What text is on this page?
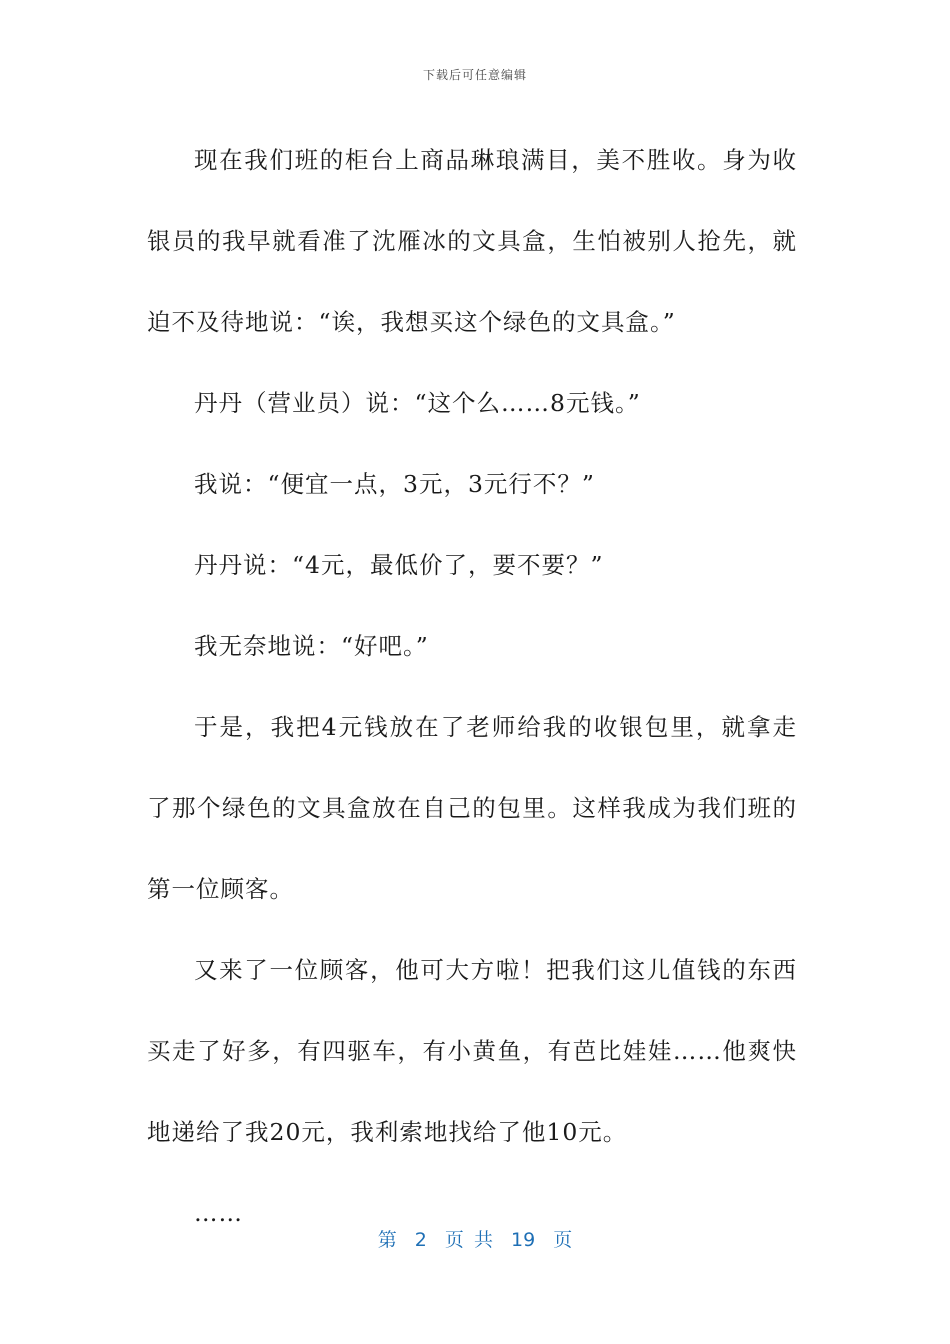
下载后可任意编辑

现在我们班的柜台上商品琳琅满目，美不胜收。身为收银员的我早就看准了沈雁冰的文具盒，生怕被别人抢先，就迫不及待地说：“诶，我想买这个绿色的文具盒。”

丹丹（营业员）说：“这个么……8元钱。”

我说：“便宜一点，3元，3元行不？”

丹丹说：“4元，最低价了，要不要？”

我无奈地说：“好吧。”

于是，我把4元钱放在了老师给我的收银包里，就拿走了那个绿色的文具盒放在自己的包里。这样我成为我们班的第一位顾客。

又来了一位顾客，他可大方啦！把我们这儿值钱的东西买走了好多，有四驱车，有小黄鱼，有芭比娃娃……他爽快地递给了我20元，我利索地找给了他10元。

……

第 2 页 共 19 页
